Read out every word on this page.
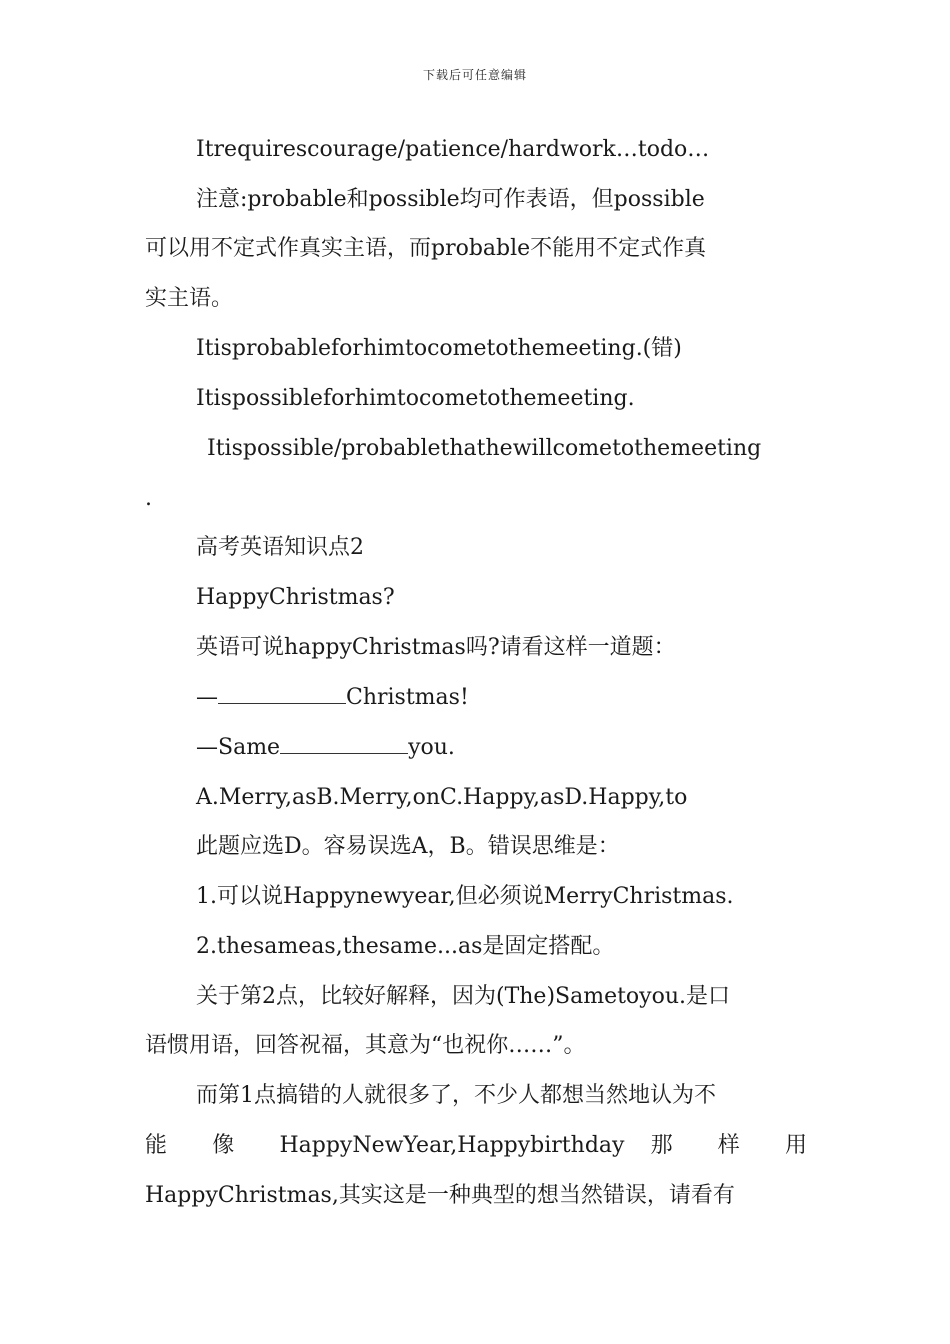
下载后可任意编辑
Itrequirescourage/patience/hardwork…todo…
注意:probable和possible均可作表语，但possible
可以用不定式作真实主语，而probable不能用不定式作真
实主语。
Itisprobableforhimtocometothemeeting.(错)
Itispossibleforhimtocometothemeeting.
Itispossible/probablethathewillcometothemeeting
.
高考英语知识点2
HappyChristmas?
英语可说happyChristmas吗?请看这样一道题：
—	Christmas!
—Same	you.
A.Merry,asB.Merry,onC.Happy,asD.Happy,to
此题应选D。容易误选A，B。错误思维是：
1.可以说Happynewyear,但必须说MerryChristmas.
2.thesameas,thesame...as是固定搭配。
关于第2点，比较好解释，因为(The)Sametoyou.是口
语惯用语，回答祝福，其意为“也祝你……”。
而第1点搞错的人就很多了，不少人都想当然地认为不
能 像 HappyNewYear,Happybirthday 那 样 用
HappyChristmas,其实这是一种典型的想当然错误，请看有
